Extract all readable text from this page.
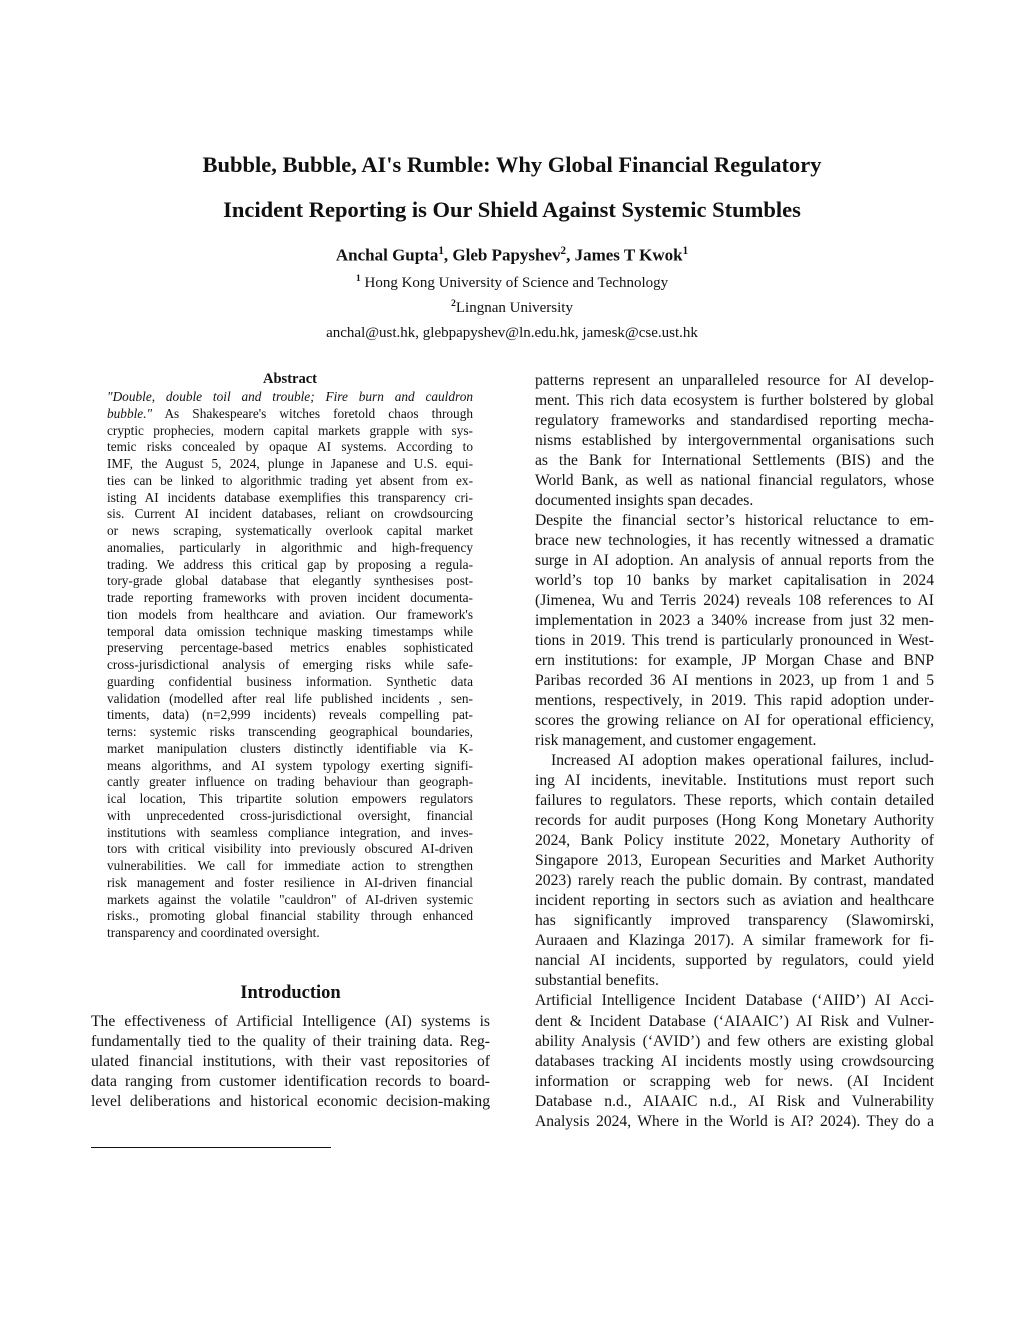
Bubble, Bubble, AI's Rumble: Why Global Financial Regulatory
Incident Reporting is Our Shield Against Systemic Stumbles
Anchal Gupta$^1$, Gleb Papyshev$^2$, James T Kwok$^1$
$^1$ Hong Kong University of Science and Technology
$^2$Lingnan University
anchal@ust.hk, glebpapyshev@ln.edu.hk, jamesk@cse.ust.hk
Abstract
"Double, double toil and trouble; Fire burn and cauldron
bubble." As Shakespeare's witches foretold chaos through
cryptic prophecies, modern capital markets grapple with sys-
temic risks concealed by opaque AI systems. According to
IMF, the August 5, 2024, plunge in Japanese and U.S. equi-
ties can be linked to algorithmic trading yet absent from ex-
isting AI incidents database exemplifies this transparency cri-
sis. Current AI incident databases, reliant on crowdsourcing
or news scraping, systematically overlook capital market
anomalies, particularly in algorithmic and high-frequency
trading. We address this critical gap by proposing a regula-
tory-grade global database that elegantly synthesises post-
trade reporting frameworks with proven incident documenta-
tion models from healthcare and aviation. Our framework's
temporal data omission technique masking timestamps while
preserving percentage-based metrics enables sophisticated
cross-jurisdictional analysis of emerging risks while safe-
guarding confidential business information. Synthetic data
validation (modelled after real life published incidents , sen-
timents, data) (n=2,999 incidents) reveals compelling pat-
terns: systemic risks transcending geographical boundaries,
market manipulation clusters distinctly identifiable via K-
means algorithms, and AI system typology exerting signifi-
cantly greater influence on trading behaviour than geograph-
ical location, This tripartite solution empowers regulators
with unprecedented cross-jurisdictional oversight, financial
institutions with seamless compliance integration, and inves-
tors with critical visibility into previously obscured AI-driven
vulnerabilities. We call for immediate action to strengthen
risk management and foster resilience in AI-driven financial
markets against the volatile "cauldron" of AI-driven systemic
risks., promoting global financial stability through enhanced
transparency and coordinated oversight.
Introduction
The effectiveness of Artificial Intelligence (AI) systems is
fundamentally tied to the quality of their training data. Reg-
ulated financial institutions, with their vast repositories of
data ranging from customer identification records to board-
level deliberations and historical economic decision-making
patterns represent an unparalleled resource for AI develop-
ment. This rich data ecosystem is further bolstered by global
regulatory frameworks and standardised reporting mecha-
nisms established by intergovernmental organisations such
as the Bank for International Settlements (BIS) and the
World Bank, as well as national financial regulators, whose
documented insights span decades.
Despite the financial sector’s historical reluctance to em-
brace new technologies, it has recently witnessed a dramatic
surge in AI adoption. An analysis of annual reports from the
world’s top 10 banks by market capitalisation in 2024
(Jimenea, Wu and Terris 2024) reveals 108 references to AI
implementation in 2023 a 340% increase from just 32 men-
tions in 2019. This trend is particularly pronounced in West-
ern institutions: for example, JP Morgan Chase and BNP
Paribas recorded 36 AI mentions in 2023, up from 1 and 5
mentions, respectively, in 2019. This rapid adoption under-
scores the growing reliance on AI for operational efficiency,
risk management, and customer engagement.
Increased AI adoption makes operational failures, includ-
ing AI incidents, inevitable. Institutions must report such
failures to regulators. These reports, which contain detailed
records for audit purposes (Hong Kong Monetary Authority
2024, Bank Policy institute 2022, Monetary Authority of
Singapore 2013, European Securities and Market Authority
2023) rarely reach the public domain. By contrast, mandated
incident reporting in sectors such as aviation and healthcare
has significantly improved transparency (Slawomirski,
Auraaen and Klazinga 2017). A similar framework for fi-
nancial AI incidents, supported by regulators, could yield
substantial benefits.
Artificial Intelligence Incident Database (‘AIID’) AI Acci-
dent & Incident Database (‘AIAAIC’) AI Risk and Vulner-
ability Analysis (‘AVID’) and few others are existing global
databases tracking AI incidents mostly using crowdsourcing
information or scrapping web for news. (AI Incident
Database n.d., AIAAIC n.d., AI Risk and Vulnerability
Analysis 2024, Where in the World is AI? 2024). They do a
